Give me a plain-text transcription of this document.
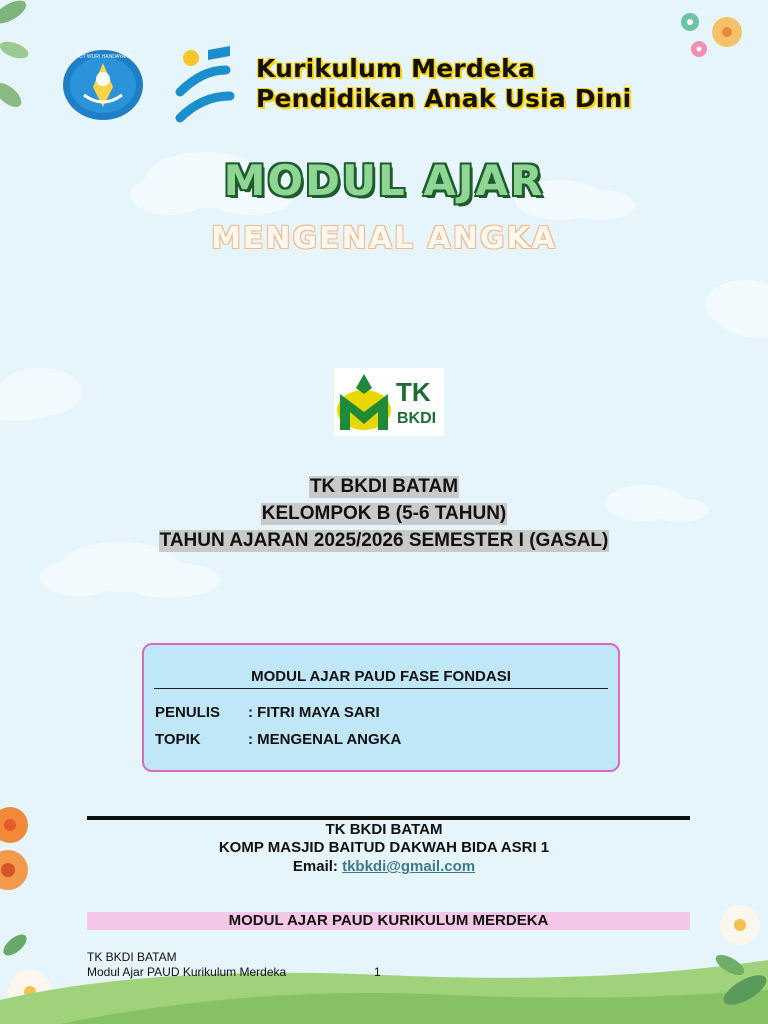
TUT WURI HANDAYANI	Kurikulum Merdeka
Pendidikan Anak Usia Dini
MODUL AJAR
MENGENAL ANGKA
TK
BKDI
TK BKDI BATAM
KELOMPOK B (5-6 TAHUN)
TAHUN AJARAN 2025/2026 SEMESTER I (GASAL)
MODUL AJAR PAUD FASE FONDASI
PENULIS : FITRI MAYA SARI
TOPIK	: MENGENAL ANGKA
TK BKDI BATAM
KOMP MASJID BAITUD DAKWAH BIDA ASRI 1
Email: tkbkdi@gmail.com
MODUL AJAR PAUD KURIKULUM MERDEKA
TK BKDI BATAM
Modul Ajar PAUD Kurikulum Merdeka	1
